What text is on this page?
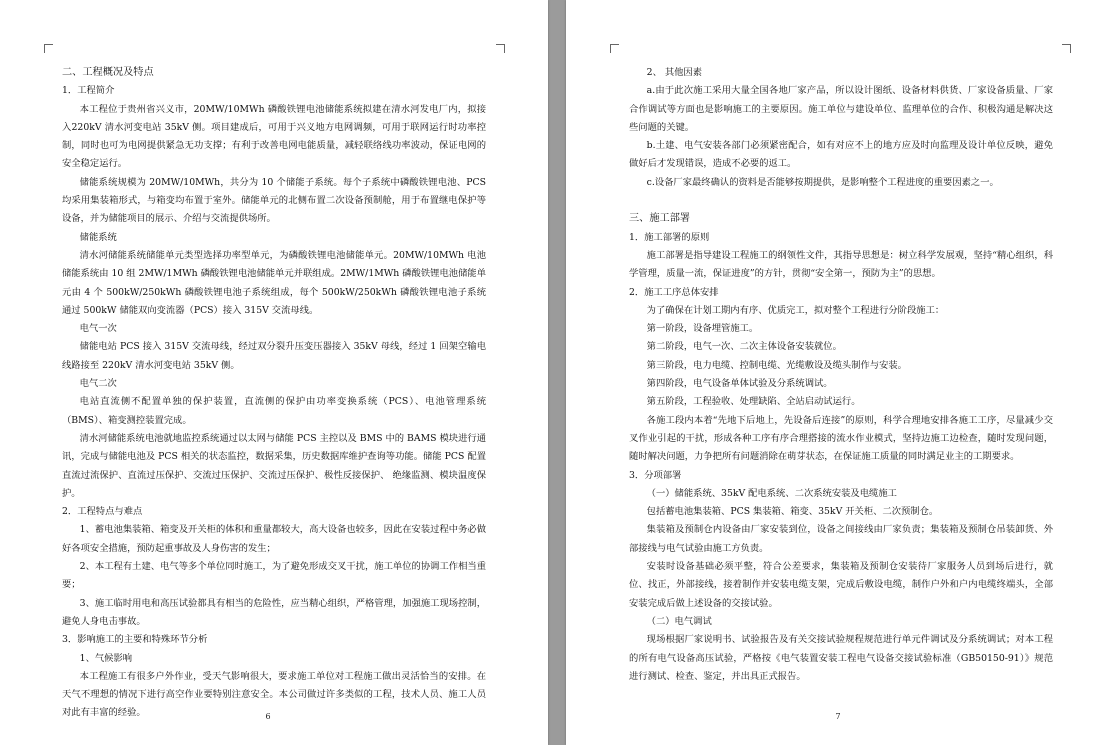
二、工程概况及特点

1．工程简介

本工程位于贵州省兴义市，20MW/10MWh 磷酸铁锂电池储能系统拟建在清水河发电厂内，拟接入220kV 清水河变电站 35kV 侧。项目建成后，可用于兴义地方电网调频，可用于联网运行时功率控制，同时也可为电网提供紧急无功支撑；有利于改善电网电能质量，减轻联络线功率波动，保证电网的安全稳定运行。

储能系统规模为 20MW/10MWh，共分为 10 个储能子系统。每个子系统中磷酸铁锂电池、PCS 均采用集装箱形式，与箱变均布置于室外。储能单元的北侧布置二次设备预制舱，用于布置继电保护等设备，并为储能项目的展示、介绍与交流提供场所。

储能系统

清水河储能系统储能单元类型选择功率型单元，为磷酸铁锂电池储能单元。20MW/10MWh 电池储能系统由 10 组 2MW/1MWh 磷酸铁锂电池储能单元并联组成。2MW/1MWh 磷酸铁锂电池储能单元由 4 个 500kW/250kWh 磷酸铁锂电池子系统组成，每个 500kW/250kWh 磷酸铁锂电池子系统通过 500kW 储能双向变流器（PCS）接入 315V 交流母线。

电气一次

储能电站 PCS 接入 315V 交流母线，经过双分裂升压变压器接入 35kV 母线，经过 1 回架空输电线路接至 220kV 清水河变电站 35kV 侧。

电气二次

电站直流侧不配置单独的保护装置，直流侧的保护由功率变换系统（PCS）、电池管理系统（BMS）、箱变测控装置完成。

清水河储能系统电池就地监控系统通过以太网与储能 PCS 主控以及 BMS 中的 BAMS 模块进行通讯，完成与储能电池及 PCS 相关的状态监控，数据采集，历史数据库维护查询等功能。储能 PCS 配置直流过流保护、直流过压保护、交流过压保护、交流过压保护、极性反接保护、 绝缘监测、模块温度保护。

2．工程特点与难点

1、蓄电池集装箱、箱变及开关柜的体积和重量都较大，高大设备也较多，因此在安装过程中务必做好各项安全措施，预防起重事故及人身伤害的发生；

2、本工程有土建、电气等多个单位同时施工，为了避免形成交叉干扰，施工单位的协调工作相当重要；

3、施工临时用电和高压试验都具有相当的危险性，应当精心组织，严格管理，加强施工现场控制，避免人身电击事故。

3．影响施工的主要和特殊环节分析

1、气候影响

本工程施工有很多户外作业，受天气影响很大，要求施工单位对工程施工做出灵活恰当的安排。在天气不理想的情况下进行高空作业要特别注意安全。本公司做过许多类似的工程，技术人员、施工人员对此有丰富的经验。	6

2、 其他因素

a.由于此次施工采用大量全国各地厂家产品，所以设计图纸、设备材料供货、厂家设备质量、厂家合作调试等方面也是影响施工的主要原因。施工单位与建设单位、监理单位的合作、积极沟通是解决这些问题的关键。

b.土建、电气安装各部门必须紧密配合，如有对应不上的地方应及时向监理及设计单位反映，避免做好后才发现错误，造成不必要的返工。

c.设备厂家最终确认的资料是否能够按期提供，是影响整个工程进度的重要因素之一。

三、施工部署

1．施工部署的原则

施工部署是指导建设工程施工的纲领性文件，其指导思想是：树立科学发展观，坚持“精心组织，科学管理，质量一流，保证进度”的方针，贯彻“安全第一，预防为主”的思想。

2．施工工序总体安排

为了确保在计划工期内有序、优质完工，拟对整个工程进行分阶段施工：

第一阶段，设备埋管施工。

第二阶段，电气一次、二次主体设备安装就位。

第三阶段，电力电缆、控制电缆、光缆敷设及缆头制作与安装。

第四阶段，电气设备单体试验及分系统调试。

第五阶段，工程验收、处理缺陷、全站启动试运行。

各施工段内本着“先地下后地上，先设备后连接”的原则，科学合理地安排各施工工序，尽量减少交叉作业引起的干扰，形成各种工序有序合理搭接的流水作业模式，坚持边施工边检查，随时发现问题，随时解决问题，力争把所有问题消除在萌芽状态，在保证施工质量的同时满足业主的工期要求。

3．分项部署

（一）储能系统、35kV 配电系统、二次系统安装及电缆施工

包括蓄电池集装箱、PCS 集装箱、箱变、35kV 开关柜、二次预制仓。

集装箱及预制仓内设备由厂家安装到位，设备之间接线由厂家负责；集装箱及预制仓吊装卸货、外部接线与电气试验由施工方负责。

安装时设备基础必须平整，符合公差要求，集装箱及预制仓安装待厂家服务人员到场后进行，就位、找正，外部接线，接着制作并安装电缆支架，完成后敷设电缆，制作户外和户内电缆终端头，全部安装完成后做上述设备的交接试验。

（二）电气调试

现场根据厂家说明书、试验报告及有关交接试验规程规范进行单元件调试及分系统调试；对本工程的所有电气设备高压试验，严格按《电气装置安装工程电气设备交接试验标准（GB50150-91）》规范进行测试、检查、鉴定，并出具正式报告。

7
